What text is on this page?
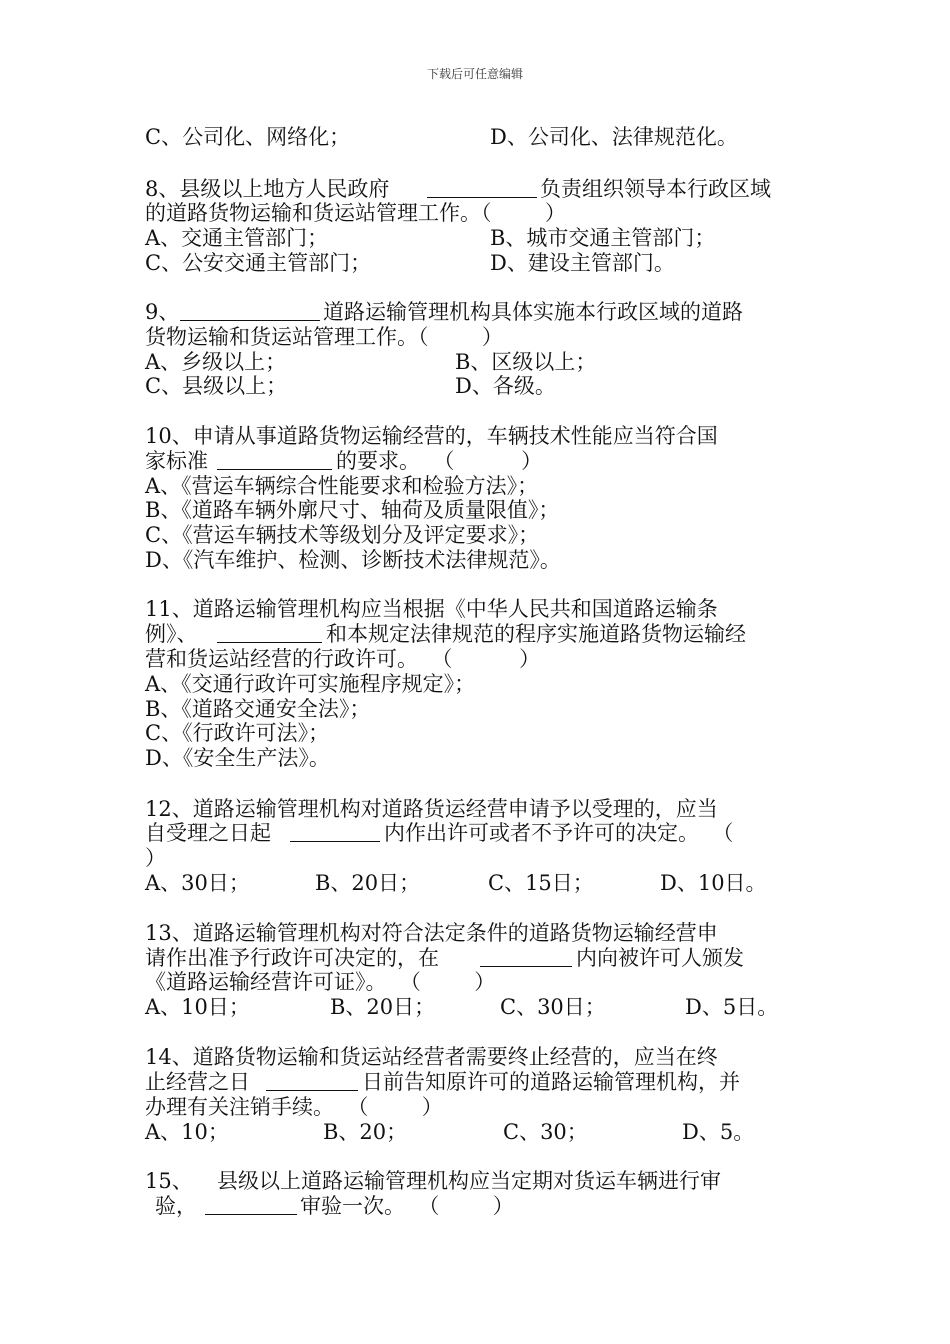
下载后可任意编辑
C、公司化、网络化；	D、公司化、法律规范化。
8、县级以上地方人民政府	负责组织领导本行政区域
的道路货物运输和货运站管理工作。（        ）
A、交通主管部门；	B、城市交通主管部门；
C、公安交通主管部门；	D、建设主管部门。
9、	道路运输管理机构具体实施本行政区域的道路
货物运输和货运站管理工作。（        ）
A、乡级以上；	B、区级以上；
C、县级以上；	D、各级。
10、申请从事道路货物运输经营的，车辆技术性能应当符合国
家标准	的要求。  （          ）
A、《营运车辆综合性能要求和检验方法》；
B、《道路车辆外廓尺寸、轴荷及质量限值》；
C、《营运车辆技术等级划分及评定要求》；
D、《汽车维护、检测、诊断技术法律规范》。
11、道路运输管理机构应当根据《中华人民共和国道路运输条
例》、	和本规定法律规范的程序实施道路货物运输经
营和货运站经营的行政许可。  （          ）
A、《交通行政许可实施程序规定》；
B、《道路交通安全法》；
C、《行政许可法》；
D、《安全生产法》。
12、道路运输管理机构对道路货运经营申请予以受理的，应当
自受理之日起	内作出许可或者不予许可的决定。  （
）
A、30日；	B、20日；	C、15日；	D、10日。
13、道路运输管理机构对符合法定条件的道路货物运输经营申
请作出准予行政许可决定的，在	内向被许可人颁发
《道路运输经营许可证》。  （        ）
A、10日；	B、20日；	C、30日；	D、5日。
14、道路货物运输和货运站经营者需要终止经营的，应当在终
止经营之日	日前告知原许可的道路运输管理机构，并
办理有关注销手续。  （        ）
A、10；	B、20；	C、30；	D、5。
15、 县级以上道路运输管理机构应当定期对货运车辆进行审
验，	审验一次。  （        ）
